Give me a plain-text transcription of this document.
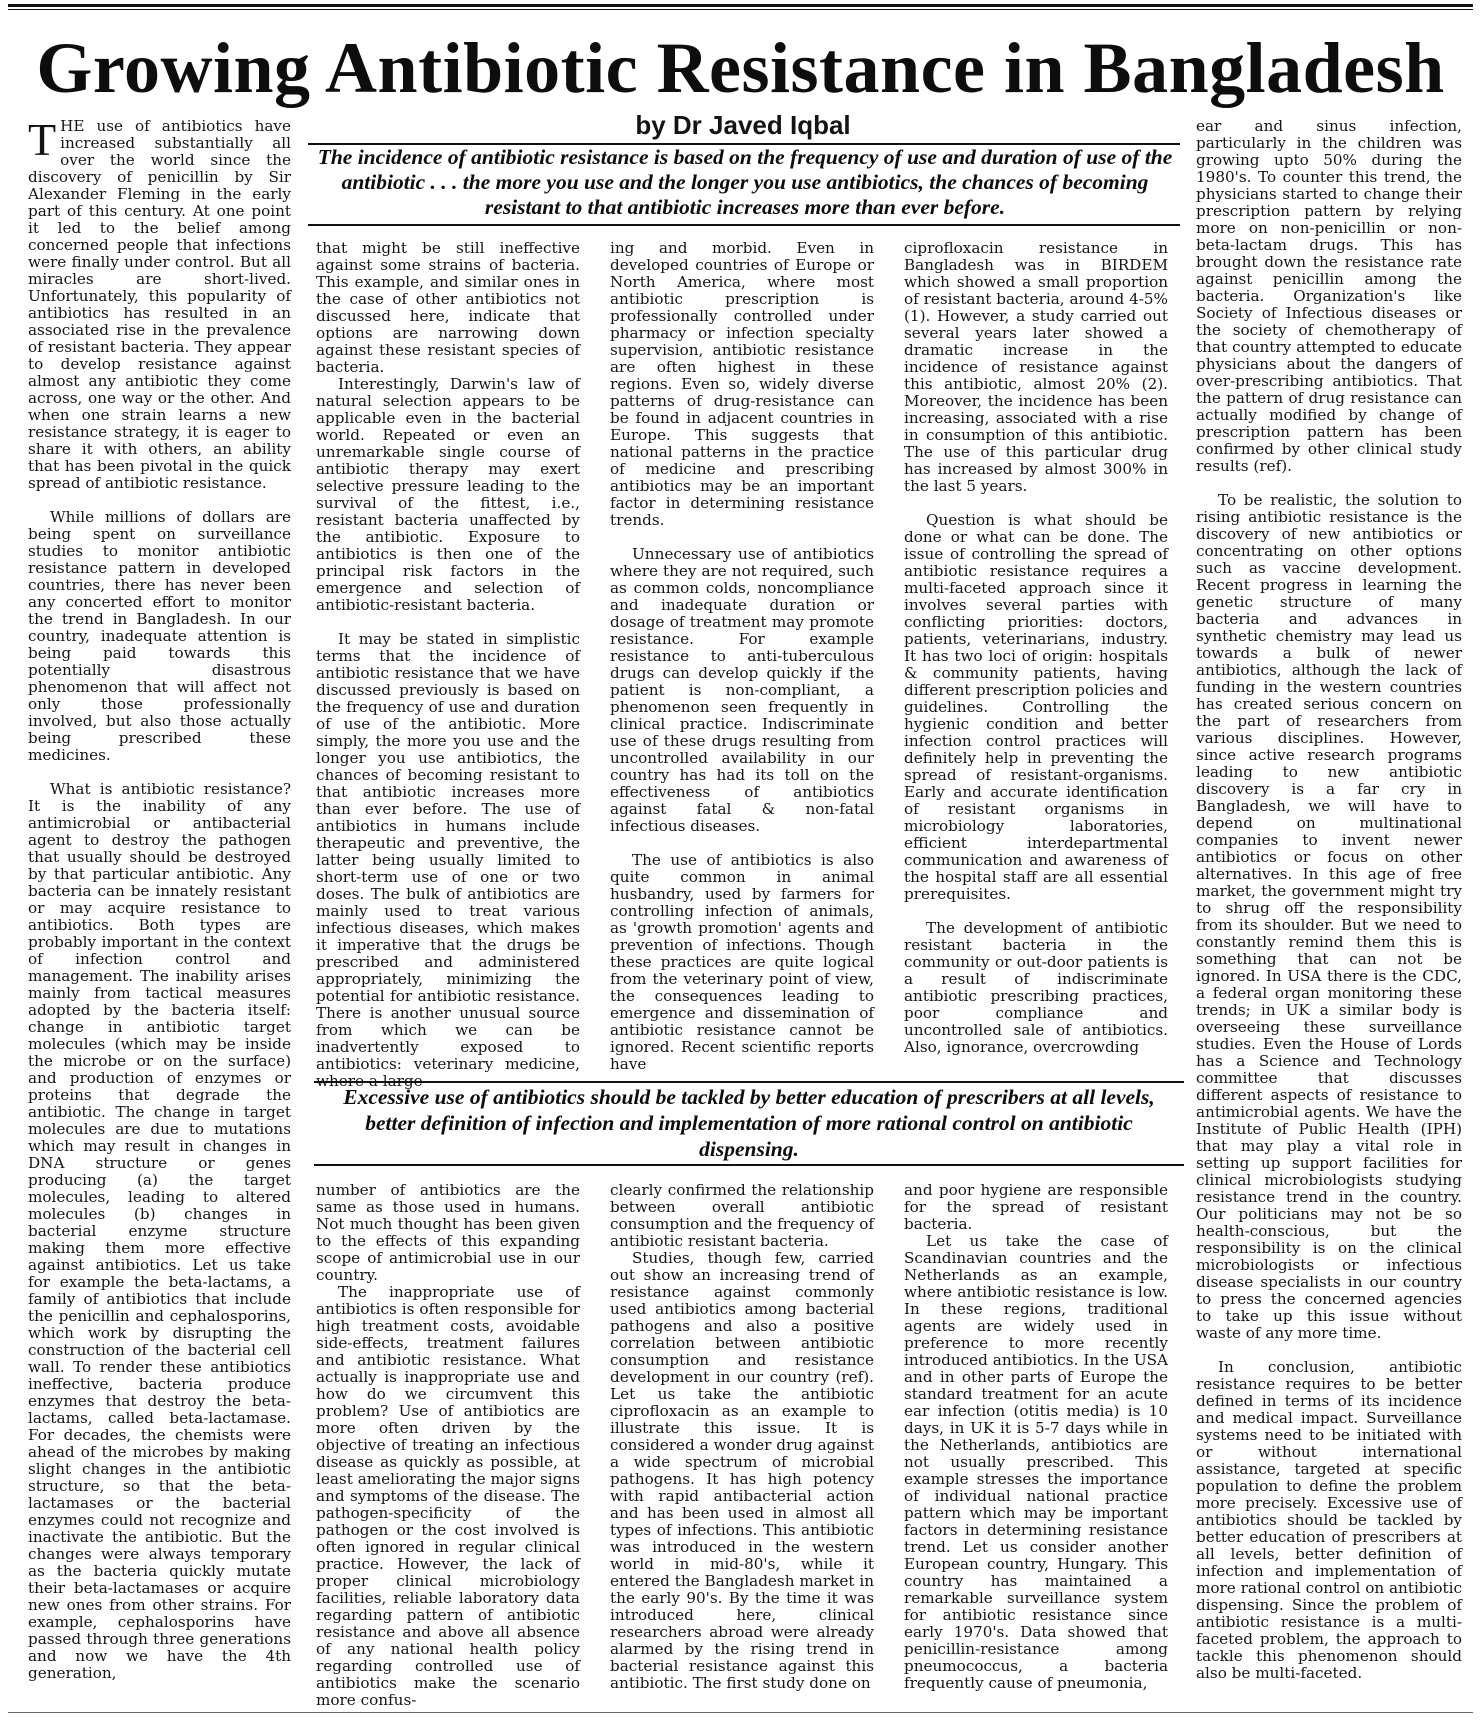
Growing Antibiotic Resistance in Bangladesh
by Dr Javed Iqbal
The incidence of antibiotic resistance is based on the frequency of use and duration of use of the antibiotic . . . the more you use and the longer you use antibiotics, the chances of becoming resistant to that antibiotic increases more than ever before.
Excessive use of antibiotics should be tackled by better education of prescribers at all levels, better definition of infection and implementation of more rational control on antibiotic dispensing.

THE use of antibiotics have increased substantially all over the world since the discovery of penicillin by Sir Alexander Fleming in the early part of this century. At one point it led to the belief among concerned people that infections were finally under control. But all miracles are short-lived. Unfortunately, this popularity of antibiotics has resulted in an associated rise in the prevalence of resistant bacteria. They appear to develop resistance against almost any antibiotic they come across, one way or the other. And when one strain learns a new resistance strategy, it is eager to share it with others, an ability that has been pivotal in the quick spread of antibiotic resistance.

While millions of dollars are being spent on surveillance studies to monitor antibiotic resistance pattern in developed countries, there has never been any concerted effort to monitor the trend in Bangladesh. In our country, inadequate attention is being paid towards this potentially disastrous phenomenon that will affect not only those professionally involved, but also those actually being prescribed these medicines.

What is antibiotic resistance? It is the inability of any antimicrobial or antibacterial agent to destroy the pathogen that usually should be destroyed by that particular antibiotic. Any bacteria can be innately resistant or may acquire resistance to antibiotics. Both types are probably important in the context of infection control and management. The inability arises mainly from tactical measures adopted by the bacteria itself: change in antibiotic target molecules (which may be inside the microbe or on the surface) and production of enzymes or proteins that degrade the antibiotic. The change in target molecules are due to mutations which may result in changes in DNA structure or genes producing (a) the target molecules, leading to altered molecules (b) changes in bacterial enzyme structure making them more effective against antibiotics. Let us take for example the beta-lactams, a family of antibiotics that include the penicillin and cephalosporins, which work by disrupting the construction of the bacterial cell wall. To render these antibiotics ineffective, bacteria produce enzymes that destroy the beta-lactams, called beta-lactamase. For decades, the chemists were ahead of the microbes by making slight changes in the antibiotic structure, so that the beta-lactamases or the bacterial enzymes could not recognize and inactivate the antibiotic. But the changes were always temporary as the bacteria quickly mutate their beta-lactamases or acquire new ones from other strains. For example, cephalosporins have passed through three generations and now we have the 4th generation,

that might be still ineffective against some strains of bacteria. This example, and similar ones in the case of other antibiotics not discussed here, indicate that options are narrowing down against these resistant species of bacteria.

Interestingly, Darwin's law of natural selection appears to be applicable even in the bacterial world. Repeated or even an unremarkable single course of antibiotic therapy may exert selective pressure leading to the survival of the fittest, i.e., resistant bacteria unaffected by the antibiotic. Exposure to antibiotics is then one of the principal risk factors in the emergence and selection of antibiotic-resistant bacteria.

It may be stated in simplistic terms that the incidence of antibiotic resistance that we have discussed previously is based on the frequency of use and duration of use of the antibiotic. More simply, the more you use and the longer you use antibiotics, the chances of becoming resistant to that antibiotic increases more than ever before. The use of antibiotics in humans include therapeutic and preventive, the latter being usually limited to short-term use of one or two doses. The bulk of antibiotics are mainly used to treat various infectious diseases, which makes it imperative that the drugs be prescribed and administered appropriately, minimizing the potential for antibiotic resistance. There is another unusual source from which we can be inadvertently exposed to antibiotics: veterinary medicine, where a large

ing and morbid. Even in developed countries of Europe or North America, where most antibiotic prescription is professionally controlled under pharmacy or infection specialty supervision, antibiotic resistance are often highest in these regions. Even so, widely diverse patterns of drug-resistance can be found in adjacent countries in Europe. This suggests that national patterns in the practice of medicine and prescribing antibiotics may be an important factor in determining resistance trends.

Unnecessary use of antibiotics where they are not required, such as common colds, noncompliance and inadequate duration or dosage of treatment may promote resistance. For example resistance to anti-tuberculous drugs can develop quickly if the patient is non-compliant, a phenomenon seen frequently in clinical practice. Indiscriminate use of these drugs resulting from uncontrolled availability in our country has had its toll on the effectiveness of antibiotics against fatal & non-fatal infectious diseases.

The use of antibiotics is also quite common in animal husbandry, used by farmers for controlling infection of animals, as 'growth promotion' agents and prevention of infections. Though these practices are quite logical from the veterinary point of view, the consequences leading to emergence and dissemination of antibiotic resistance cannot be ignored. Recent scientific reports have

ciprofloxacin resistance in Bangladesh was in BIRDEM which showed a small proportion of resistant bacteria, around 4-5% (1). However, a study carried out several years later showed a dramatic increase in the incidence of resistance against this antibiotic, almost 20% (2). Moreover, the incidence has been increasing, associated with a rise in consumption of this antibiotic. The use of this particular drug has increased by almost 300% in the last 5 years.

Question is what should be done or what can be done. The issue of controlling the spread of antibiotic resistance requires a multi-faceted approach since it involves several parties with conflicting priorities: doctors, patients, veterinarians, industry. It has two loci of origin: hospitals & community patients, having different prescription policies and guidelines. Controlling the hygienic condition and better infection control practices will definitely help in preventing the spread of resistant-organisms. Early and accurate identification of resistant organisms in microbiology laboratories, efficient interdepartmental communication and awareness of the hospital staff are all essential prerequisites.

The development of antibiotic resistant bacteria in the community or out-door patients is a result of indiscriminate antibiotic prescribing practices, poor compliance and uncontrolled sale of antibiotics. Also, ignorance, overcrowding

number of antibiotics are the same as those used in humans. Not much thought has been given to the effects of this expanding scope of antimicrobial use in our country.

The inappropriate use of antibiotics is often responsible for high treatment costs, avoidable side-effects, treatment failures and antibiotic resistance. What actually is inappropriate use and how do we circumvent this problem? Use of antibiotics are more often driven by the objective of treating an infectious disease as quickly as possible, at least ameliorating the major signs and symptoms of the disease. The pathogen-specificity of the pathogen or the cost involved is often ignored in regular clinical practice. However, the lack of proper clinical microbiology facilities, reliable laboratory data regarding pattern of antibiotic resistance and above all absence of any national health policy regarding controlled use of antibiotics make the scenario more confus-

clearly confirmed the relationship between overall antibiotic consumption and the frequency of antibiotic resistant bacteria.

Studies, though few, carried out show an increasing trend of resistance against commonly used antibiotics among bacterial pathogens and also a positive correlation between antibiotic consumption and resistance development in our country (ref). Let us take the antibiotic ciprofloxacin as an example to illustrate this issue. It is considered a wonder drug against a wide spectrum of microbial pathogens. It has high potency with rapid antibacterial action and has been used in almost all types of infections. This antibiotic was introduced in the western world in mid-80's, while it entered the Bangladesh market in the early 90's. By the time it was introduced here, clinical researchers abroad were already alarmed by the rising trend in bacterial resistance against this antibiotic. The first study done on

and poor hygiene are responsible for the spread of resistant bacteria.

Let us take the case of Scandinavian countries and the Netherlands as an example, where antibiotic resistance is low. In these regions, traditional agents are widely used in preference to more recently introduced antibiotics. In the USA and in other parts of Europe the standard treatment for an acute ear infection (otitis media) is 10 days, in UK it is 5-7 days while in the Netherlands, antibiotics are not usually prescribed. This example stresses the importance of individual national practice pattern which may be important factors in determining resistance trend. Let us consider another European country, Hungary. This country has maintained a remarkable surveillance system for antibiotic resistance since early 1970's. Data showed that penicillin-resistance among pneumococcus, a bacteria frequently cause of pneumonia,

ear and sinus infection, particularly in the children was growing upto 50% during the 1980's. To counter this trend, the physicians started to change their prescription pattern by relying more on non-penicillin or non-beta-lactam drugs. This has brought down the resistance rate against penicillin among the bacteria. Organization's like Society of Infectious diseases or the society of chemotherapy of that country attempted to educate physicians about the dangers of over-prescribing antibiotics. That the pattern of drug resistance can actually modified by change of prescription pattern has been confirmed by other clinical study results (ref).

To be realistic, the solution to rising antibiotic resistance is the discovery of new antibiotics or concentrating on other options such as vaccine development. Recent progress in learning the genetic structure of many bacteria and advances in synthetic chemistry may lead us towards a bulk of newer antibiotics, although the lack of funding in the western countries has created serious concern on the part of researchers from various disciplines. However, since active research programs leading to new antibiotic discovery is a far cry in Bangladesh, we will have to depend on multinational companies to invent newer antibiotics or focus on other alternatives. In this age of free market, the government might try to shrug off the responsibility from its shoulder. But we need to constantly remind them this is something that can not be ignored. In USA there is the CDC, a federal organ monitoring these trends; in UK a similar body is overseeing these surveillance studies. Even the House of Lords has a Science and Technology committee that discusses different aspects of resistance to antimicrobial agents. We have the Institute of Public Health (IPH) that may play a vital role in setting up support facilities for clinical microbiologists studying resistance trend in the country. Our politicians may not be so health-conscious, but the responsibility is on the clinical microbiologists or infectious disease specialists in our country to press the concerned agencies to take up this issue without waste of any more time.

In conclusion, antibiotic resistance requires to be better defined in terms of its incidence and medical impact. Surveillance systems need to be initiated with or without international assistance, targeted at specific population to define the problem more precisely. Excessive use of antibiotics should be tackled by better education of prescribers at all levels, better definition of infection and implementation of more rational control on antibiotic dispensing. Since the problem of antibiotic resistance is a multi-faceted problem, the approach to tackle this phenomenon should also be multi-faceted.
